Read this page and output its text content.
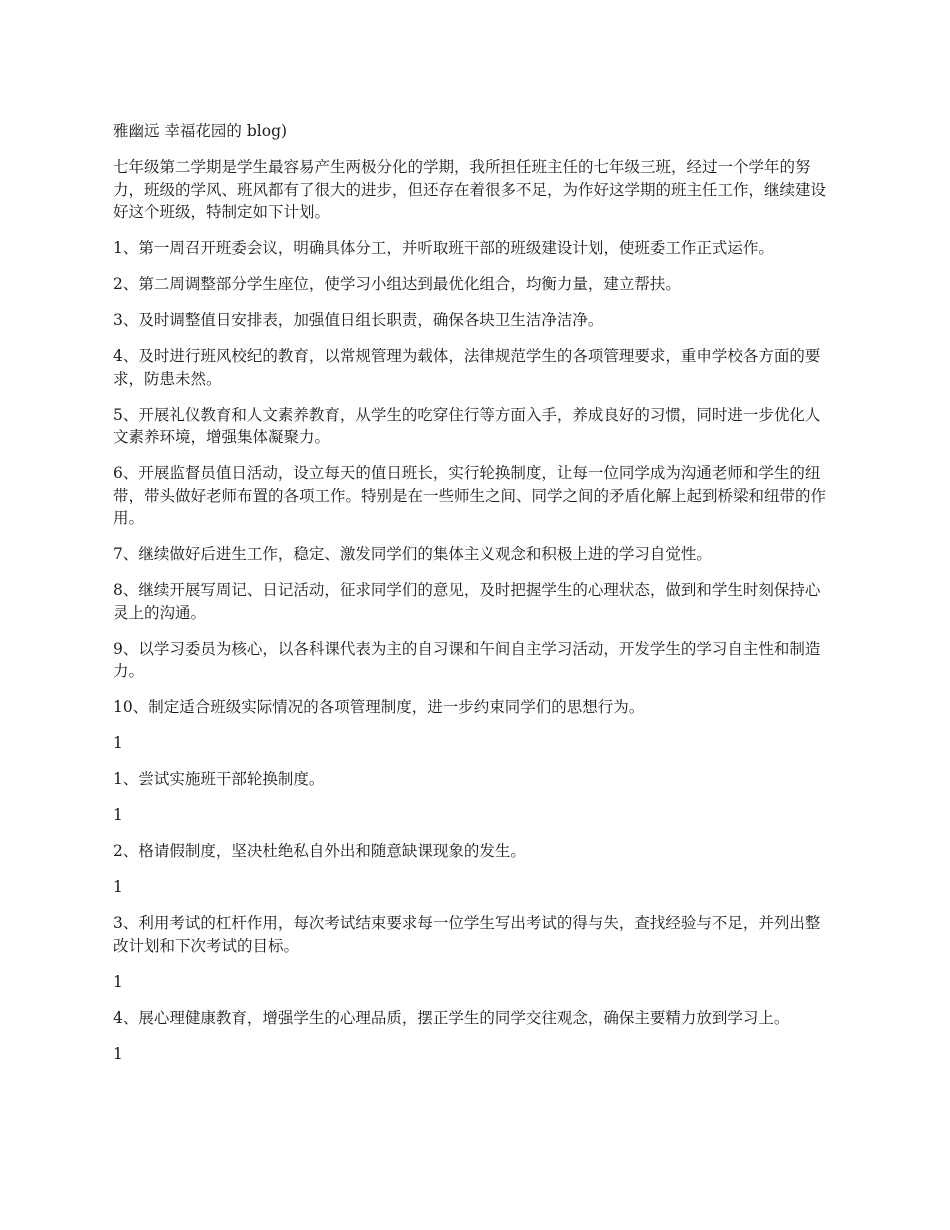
雅幽远 幸福花园的 blog)

七年级第二学期是学生最容易产生两极分化的学期，我所担任班主任的七年级三班，经过一个学年的努力，班级的学风、班风都有了很大的进步，但还存在着很多不足，为作好这学期的班主任工作，继续建设好这个班级，特制定如下计划。

1、第一周召开班委会议，明确具体分工，并听取班干部的班级建设计划，使班委工作正式运作。

2、第二周调整部分学生座位，使学习小组达到最优化组合，均衡力量，建立帮扶。

3、及时调整值日安排表，加强值日组长职责，确保各块卫生洁净洁净。

4、及时进行班风校纪的教育，以常规管理为载体，法律规范学生的各项管理要求，重申学校各方面的要求，防患未然。

5、开展礼仪教育和人文素养教育，从学生的吃穿住行等方面入手，养成良好的习惯，同时进一步优化人文素养环境，增强集体凝聚力。

6、开展监督员值日活动，设立每天的值日班长，实行轮换制度，让每一位同学成为沟通老师和学生的纽带，带头做好老师布置的各项工作。特别是在一些师生之间、同学之间的矛盾化解上起到桥梁和纽带的作用。

7、继续做好后进生工作，稳定、激发同学们的集体主义观念和积极上进的学习自觉性。

8、继续开展写周记、日记活动，征求同学们的意见，及时把握学生的心理状态，做到和学生时刻保持心灵上的沟通。

9、以学习委员为核心，以各科课代表为主的自习课和午间自主学习活动，开发学生的学习自主性和制造力。

10、制定适合班级实际情况的各项管理制度，进一步约束同学们的思想行为。

1

1、尝试实施班干部轮换制度。

1

2、格请假制度，坚决杜绝私自外出和随意缺课现象的发生。

1

3、利用考试的杠杆作用，每次考试结束要求每一位学生写出考试的得与失，查找经验与不足，并列出整改计划和下次考试的目标。

1

4、展心理健康教育，增强学生的心理品质，摆正学生的同学交往观念，确保主要精力放到学习上。

1
